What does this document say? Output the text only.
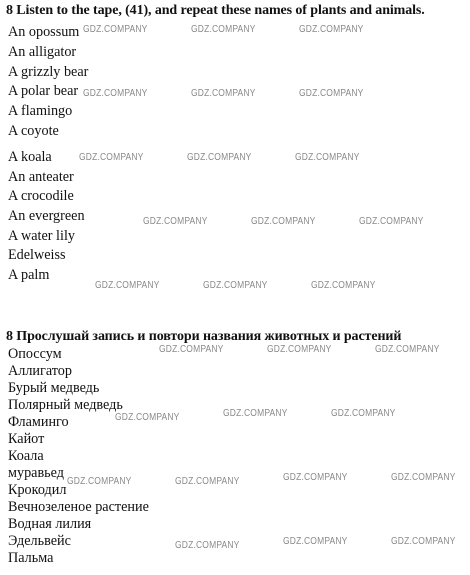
8 Listen to the tape, (41), and repeat these names of plants and animals.
An opossum
An alligator
A grizzly bear
A polar bear
A flamingo
A coyote
A koala
An anteater
A crocodile
An evergreen
A water lily
Edelweiss
A palm
8 Прослушай запись и повтори названия животных и растений
Опоссум
Аллигатор
Бурый медведь
Полярный медведь
Фламинго
Кайот
Коала
муравьед
Крокодил
Вечнозеленое растение
Водная лилия
Эдельвейс
Пальма
GDZ.COMPANY	GDZ.COMPANY	GDZ.COMPANY
GDZ.COMPANY	GDZ.COMPANY	GDZ.COMPANY
GDZ.COMPANY	GDZ.COMPANY	GDZ.COMPANY
GDZ.COMPANY	GDZ.COMPANY	GDZ.COMPANY
GDZ.COMPANY	GDZ.COMPANY	GDZ.COMPANY
GDZ.COMPANY	GDZ.COMPANY	GDZ.COMPANY
GDZ.COMPANY	GDZ.COMPANY	GDZ.COMPANY
GDZ.COMPANY	GDZ.COMPANY	GDZ.COMPANY	GDZ.COMPANY
GDZ.COMPANY	GDZ.COMPANY	GDZ.COMPANY
